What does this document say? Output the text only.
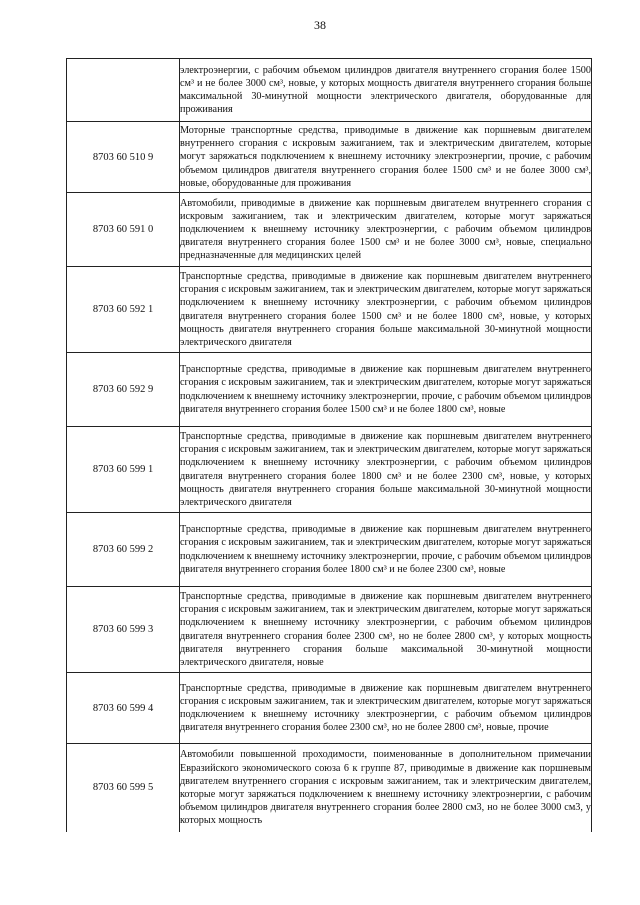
38
	электроэнергии, с рабочим объемом цилиндров двигателя внутреннего сгорания более 1500 см³ и не более 3000 см³, новые, у которых мощность двигателя внутреннего сгорания больше максимальной 30-минутной мощности электрического двигателя, оборудованные для проживания
8703 60 510 9	Моторные транспортные средства, приводимые в движение как поршневым двигателем внутреннего сгорания с искровым зажиганием, так и электрическим двигателем, которые могут заряжаться подключением к внешнему источнику электроэнергии, прочие, с рабочим объемом цилиндров двигателя внутреннего сгорания более 1500 см³ и не более 3000 см³, новые, оборудованные для проживания
8703 60 591 0	Автомобили, приводимые в движение как поршневым двигателем внутреннего сгорания с искровым зажиганием, так и электрическим двигателем, которые могут заряжаться подключением к внешнему источнику электроэнергии, с рабочим объемом цилиндров двигателя внутреннего сгорания более 1500 см³ и не более 3000 см³, новые, специально предназначенные для медицинских целей
8703 60 592 1	Транспортные средства, приводимые в движение как поршневым двигателем внутреннего сгорания с искровым зажиганием, так и электрическим двигателем, которые могут заряжаться подключением к внешнему источнику электроэнергии, с рабочим объемом цилиндров двигателя внутреннего сгорания более 1500 см³ и не более 1800 см³, новые, у которых мощность двигателя внутреннего сгорания больше максимальной 30-минутной мощности электрического двигателя
8703 60 592 9	Транспортные средства, приводимые в движение как поршневым двигателем внутреннего сгорания с искровым зажиганием, так и электрическим двигателем, которые могут заряжаться подключением к внешнему источнику электроэнергии, прочие, с рабочим объемом цилиндров двигателя внутреннего сгорания более 1500 см³ и не более 1800 см³, новые
8703 60 599 1	Транспортные средства, приводимые в движение как поршневым двигателем внутреннего сгорания с искровым зажиганием, так и электрическим двигателем, которые могут заряжаться подключением к внешнему источнику электроэнергии, с рабочим объемом цилиндров двигателя внутреннего сгорания более 1800 см³ и не более 2300 см³, новые, у которых мощность двигателя внутреннего сгорания больше максимальной 30-минутной мощности электрического двигателя
8703 60 599 2	Транспортные средства, приводимые в движение как поршневым двигателем внутреннего сгорания с искровым зажиганием, так и электрическим двигателем, которые могут заряжаться подключением к внешнему источнику электроэнергии, прочие, с рабочим объемом цилиндров двигателя внутреннего сгорания более 1800 см³ и не более 2300 см³, новые
8703 60 599 3	Транспортные средства, приводимые в движение как поршневым двигателем внутреннего сгорания с искровым зажиганием, так и электрическим двигателем, которые могут заряжаться подключением к внешнему источнику электроэнергии, с рабочим объемом цилиндров двигателя внутреннего сгорания более 2300 см³, но не более 2800 см³, у которых мощность двигателя внутреннего сгорания больше максимальной 30-минутной мощности электрического двигателя, новые
8703 60 599 4	Транспортные средства, приводимые в движение как поршневым двигателем внутреннего сгорания с искровым зажиганием, так и электрическим двигателем, которые могут заряжаться подключением к внешнему источнику электроэнергии, с рабочим объемом цилиндров двигателя внутреннего сгорания более 2300 см³, но не более 2800 см³, новые, прочие
8703 60 599 5	Автомобили повышенной проходимости, поименованные в дополнительном примечании Евразийского экономического союза 6 к группе 87, приводимые в движение как поршневым двигателем внутреннего сгорания с искровым зажиганием, так и электрическим двигателем, которые могут заряжаться подключением к внешнему источнику электроэнергии, с рабочим объемом цилиндров двигателя внутреннего сгорания более 2800 см3, но не более 3000 см3, у которых мощность
